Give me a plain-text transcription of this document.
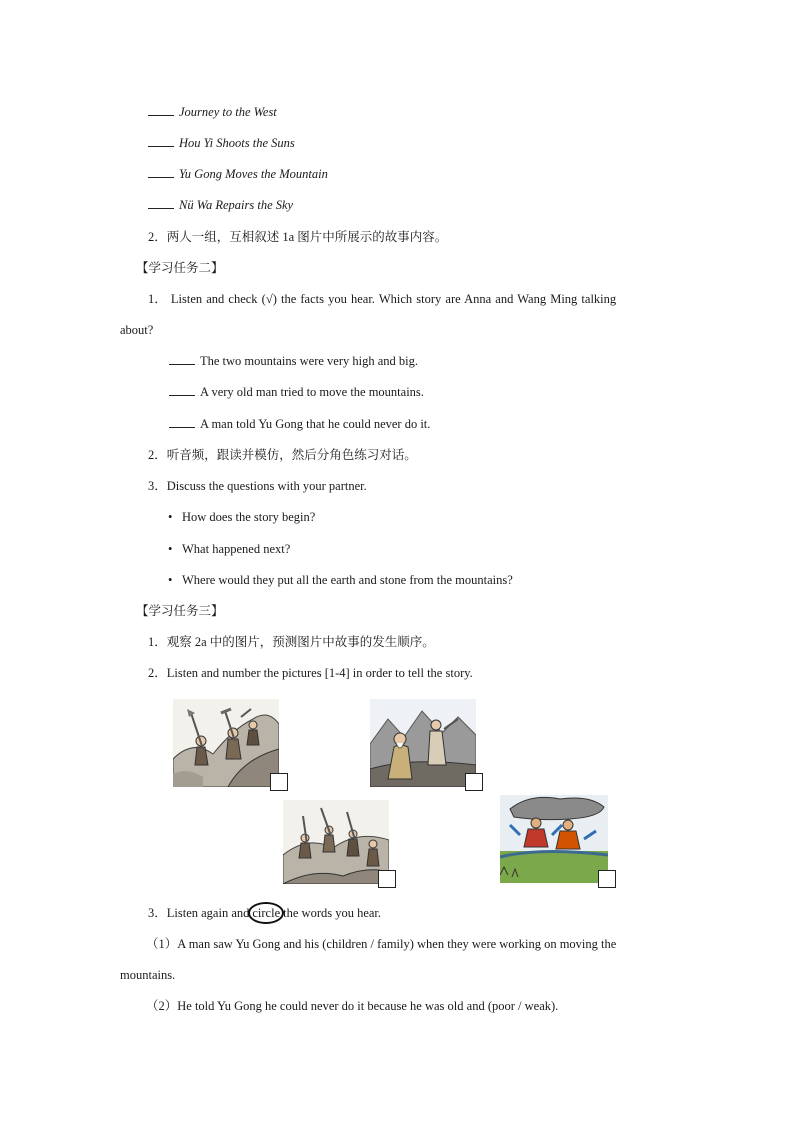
Journey to the West
Hou Yi Shoots the Suns
Yu Gong Moves the Mountain
Nü Wa Repairs the Sky
2．两人一组，互相叙述 1a 图片中所展示的故事内容。
【学习任务二】
1． Listen and check (√) the facts you hear. Which story are Anna and Wang Ming talking
about?
The two mountains were very high and big.
A very old man tried to move the mountains.
A man told Yu Gong that he could never do it.
2．听音频，跟读并模仿，然后分角色练习对话。
3．Discuss the questions with your partner.
• How does the story begin?
• What happened next?
• Where would they put all the earth and stone from the mountains?
【学习任务三】
1．观察 2a 中的图片，预测图片中故事的发生顺序。
2．Listen and number the pictures [1-4] in order to tell the story.
3．Listen again and circle the words you hear.
（1）A man saw Yu Gong and his (children / family) when they were working on moving the
mountains.
（2）He told Yu Gong he could never do it because he was old and (poor / weak).
